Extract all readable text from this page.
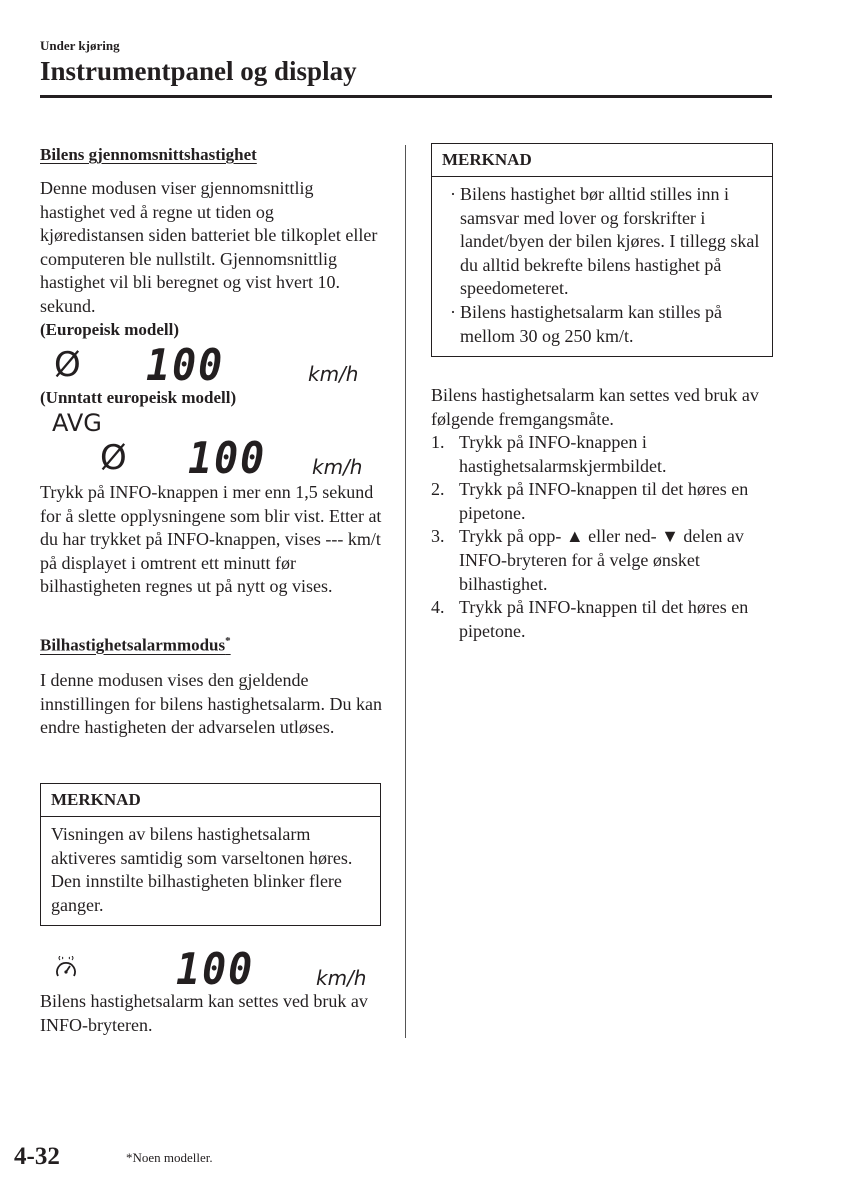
Under kjøring
Instrumentpanel og display
Bilens gjennomsnittshastighet
Denne modusen viser gjennomsnittlig hastighet ved å regne ut tiden og kjøredistansen siden batteriet ble tilkoplet eller computeren ble nullstilt. Gjennomsnittlig hastighet vil bli beregnet og vist hvert 10. sekund.
(Europeisk modell)
Ø 100	km/h
(Unntatt europeisk modell)
AVG
Ø 100 km/h
Trykk på INFO-knappen i mer enn 1,5 sekund for å slette opplysningene som blir vist. Etter at du har trykket på INFO-knappen, vises --- km/t på displayet i omtrent ett minutt før bilhastigheten regnes ut på nytt og vises.
Bilhastighetsalarmmodus*
I denne modusen vises den gjeldende innstillingen for bilens hastighetsalarm. Du kan endre hastigheten der advarselen utløses.
MERKNAD
Visningen av bilens hastighetsalarm aktiveres samtidig som varseltonen høres. Den innstilte bilhastigheten blinker flere ganger.
100	km/h
Bilens hastighetsalarm kan settes ved bruk av INFO-bryteren.
MERKNAD
· Bilens hastighet bør alltid stilles inn i samsvar med lover og forskrifter i landet/byen der bilen kjøres. I tillegg skal du alltid bekrefte bilens hastighet på speedometeret.
· Bilens hastighetsalarm kan stilles på mellom 30 og 250 km/t.
Bilens hastighetsalarm kan settes ved bruk av følgende fremgangsmåte.
1. Trykk på INFO-knappen i hastighetsalarmskjermbildet.
2. Trykk på INFO-knappen til det høres en pipetone.
3. Trykk på opp- ▲ eller ned- ▼ delen av INFO-bryteren for å velge ønsket bilhastighet.
4. Trykk på INFO-knappen til det høres en pipetone.
4-32	*Noen modeller.
